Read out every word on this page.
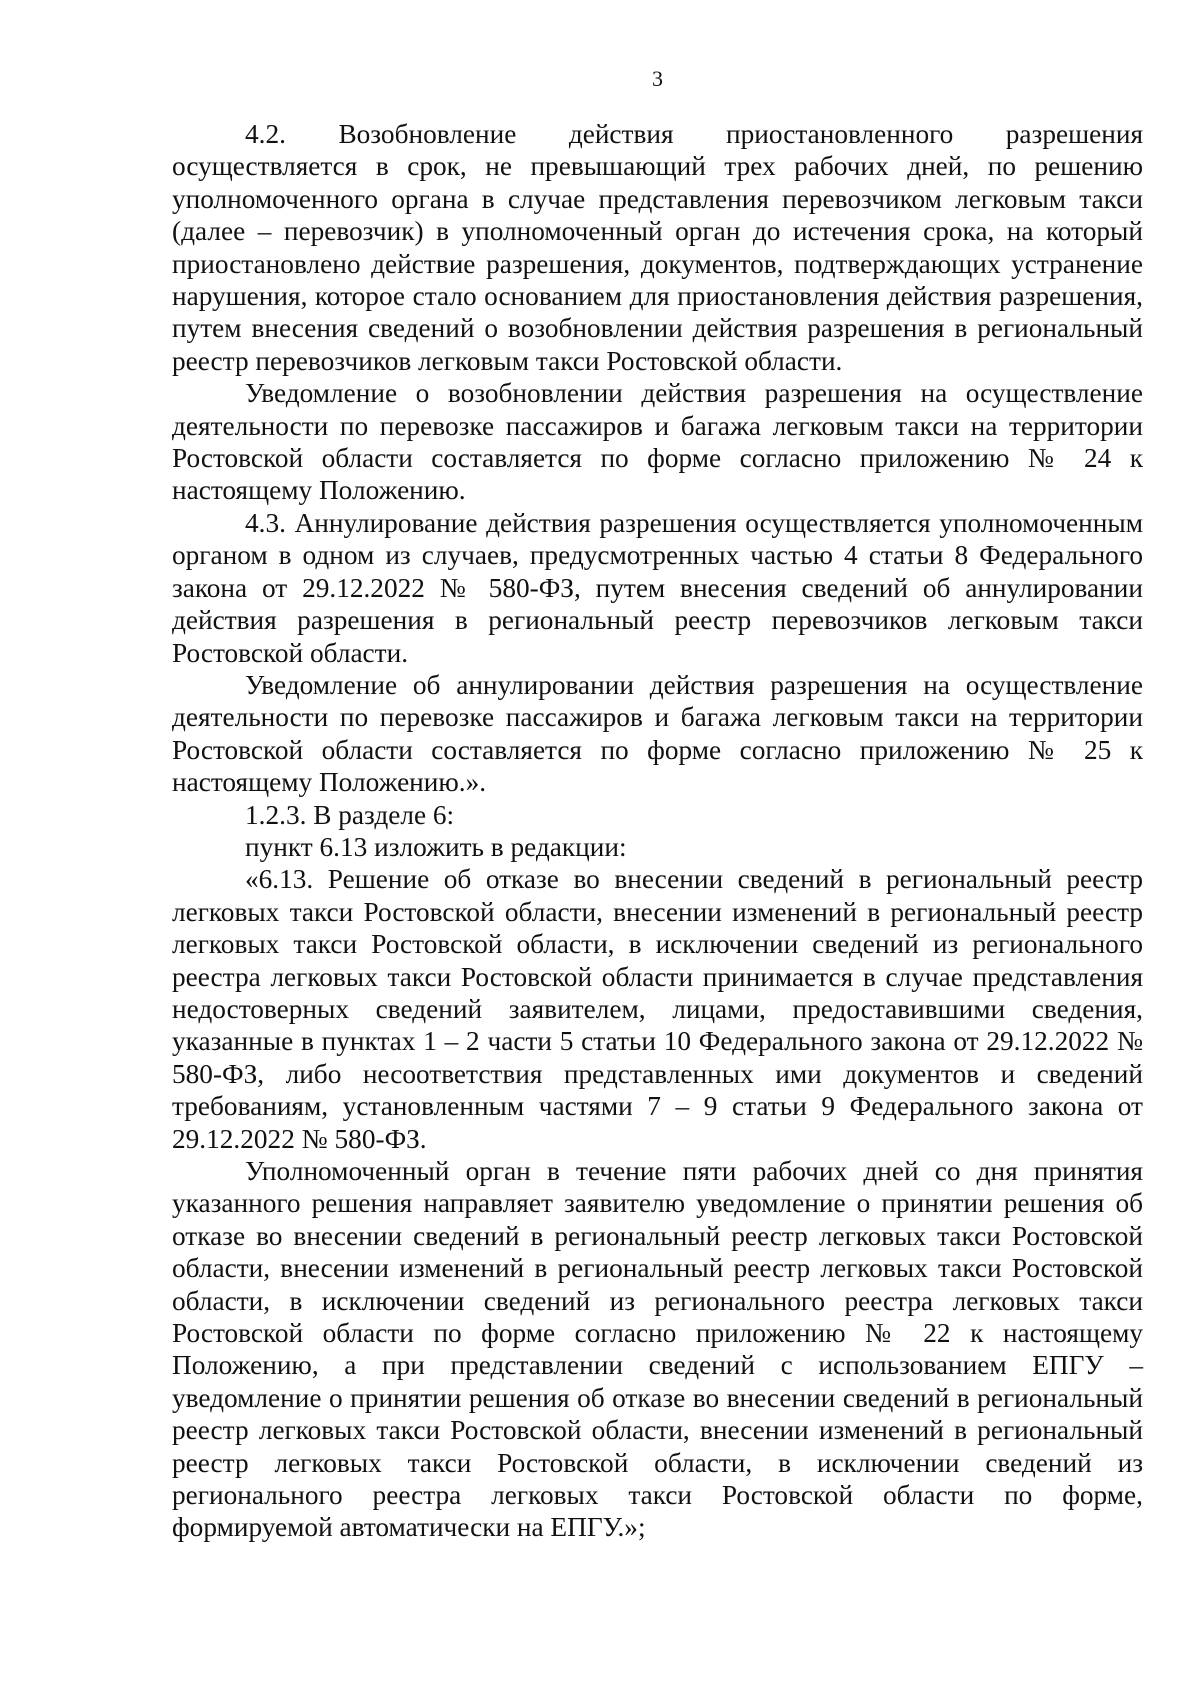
3

4.2. Возобновление действия приостановленного разрешения осуществляется в срок, не превышающий трех рабочих дней, по решению уполномоченного органа в случае представления перевозчиком легковым такси (далее – перевозчик) в уполномоченный орган до истечения срока, на который приостановлено действие разрешения, документов, подтверждающих устранение нарушения, которое стало основанием для приостановления действия разрешения, путем внесения сведений о возобновлении действия разрешения в региональный реестр перевозчиков легковым такси Ростовской области.

Уведомление о возобновлении действия разрешения на осуществление деятельности по перевозке пассажиров и багажа легковым такси на территории Ростовской области составляется по форме согласно приложению № 24 к настоящему Положению.

4.3. Аннулирование действия разрешения осуществляется уполномоченным органом в одном из случаев, предусмотренных частью 4 статьи 8 Федерального закона от 29.12.2022 № 580-ФЗ, путем внесения сведений об аннулировании действия разрешения в региональный реестр перевозчиков легковым такси Ростовской области.

Уведомление об аннулировании действия разрешения на осуществление деятельности по перевозке пассажиров и багажа легковым такси на территории Ростовской области составляется по форме согласно приложению № 25 к настоящему Положению.».

1.2.3. В разделе 6:

пункт 6.13 изложить в редакции:

«6.13. Решение об отказе во внесении сведений в региональный реестр легковых такси Ростовской области, внесении изменений в региональный реестр легковых такси Ростовской области, в исключении сведений из регионального реестра легковых такси Ростовской области принимается в случае представления недостоверных сведений заявителем, лицами, предоставившими сведения, указанные в пунктах 1 – 2 части 5 статьи 10 Федерального закона от 29.12.2022 № 580-ФЗ, либо несоответствия представленных ими документов и сведений требованиям, установленным частями 7 – 9 статьи 9 Федерального закона от 29.12.2022 № 580-ФЗ.

Уполномоченный орган в течение пяти рабочих дней со дня принятия указанного решения направляет заявителю уведомление о принятии решения об отказе во внесении сведений в региональный реестр легковых такси Ростовской области, внесении изменений в региональный реестр легковых такси Ростовской области, в исключении сведений из регионального реестра легковых такси Ростовской области по форме согласно приложению № 22 к настоящему Положению, а при представлении сведений с использованием ЕПГУ – уведомление о принятии решения об отказе во внесении сведений в региональный реестр легковых такси Ростовской области, внесении изменений в региональный реестр легковых такси Ростовской области, в исключении сведений из регионального реестра легковых такси Ростовской области по форме, формируемой автоматически на ЕПГУ.»;
